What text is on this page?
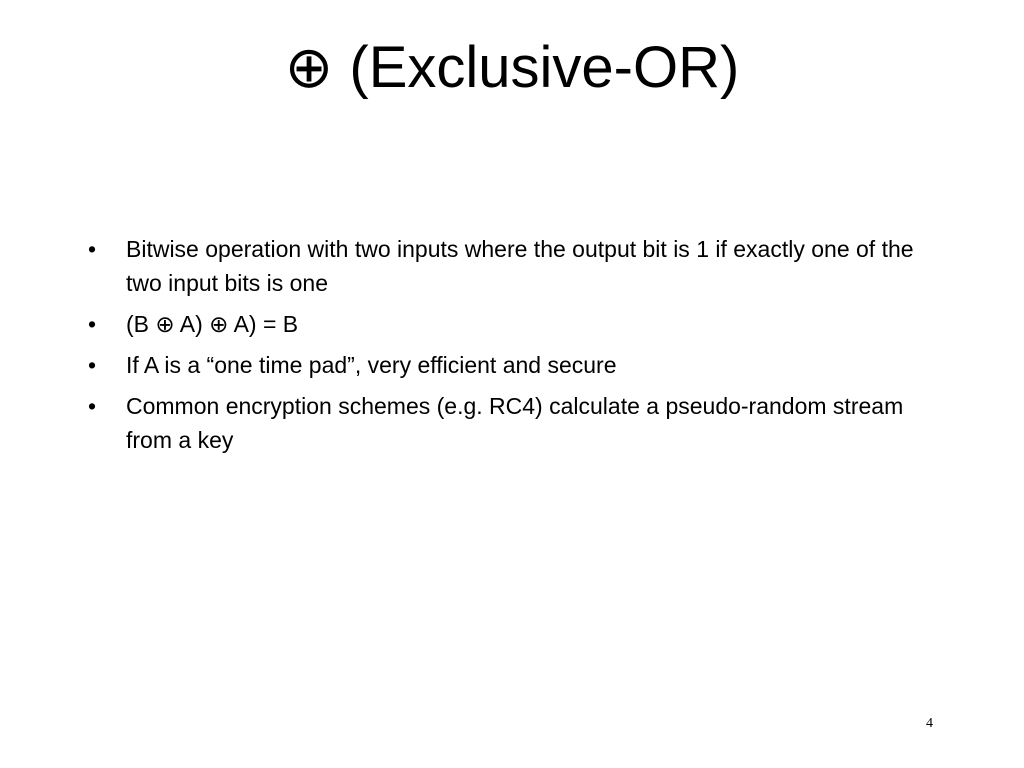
⊕ (Exclusive-OR)
•	Bitwise operation with two inputs where the output bit is 1 if exactly one of the two input bits is one
•	(B ⊕ A) ⊕ A) = B
•	If A is a “one time pad”, very efficient and secure
•	Common encryption schemes (e.g. RC4) calculate a pseudo-random stream from a key
4
